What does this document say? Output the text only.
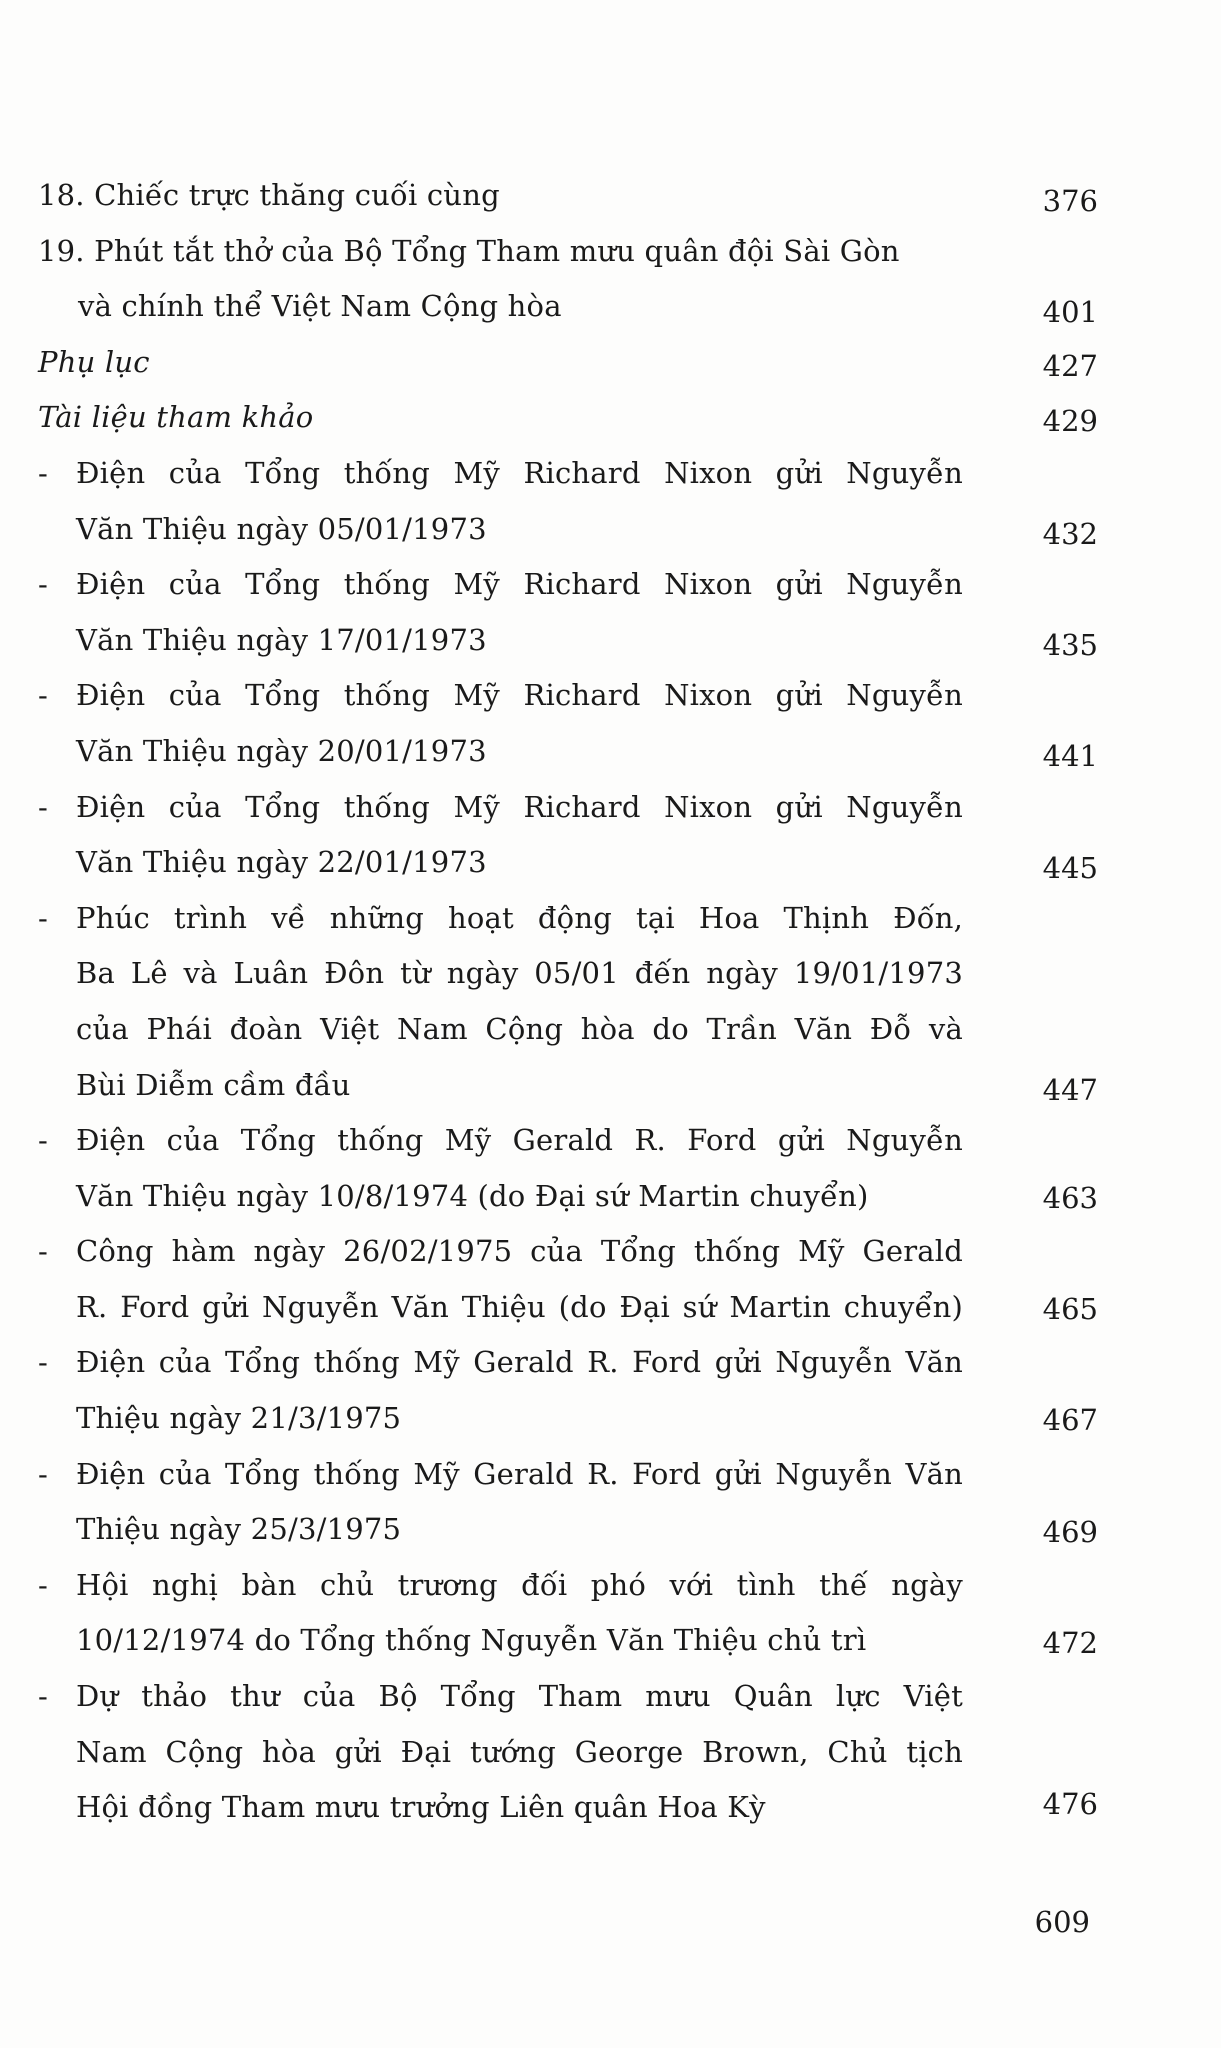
18. Chiếc trực thăng cuối cùng	376
19. Phút tắt thở của Bộ Tổng Tham mưu quân đội Sài Gòn
và chính thể Việt Nam Cộng hòa	401
Phụ lục	427
Tài liệu tham khảo	429
- Điện của Tổng thống Mỹ Richard Nixon gửi Nguyễn
Văn Thiệu ngày 05/01/1973	432
- Điện của Tổng thống Mỹ Richard Nixon gửi Nguyễn
Văn Thiệu ngày 17/01/1973	435
- Điện của Tổng thống Mỹ Richard Nixon gửi Nguyễn
Văn Thiệu ngày 20/01/1973	441
- Điện của Tổng thống Mỹ Richard Nixon gửi Nguyễn
Văn Thiệu ngày 22/01/1973	445
- Phúc trình về những hoạt động tại Hoa Thịnh Đốn,
Ba Lê và Luân Đôn từ ngày 05/01 đến ngày 19/01/1973
của Phái đoàn Việt Nam Cộng hòa do Trần Văn Đỗ và
Bùi Diễm cầm đầu	447
- Điện của Tổng thống Mỹ Gerald R. Ford gửi Nguyễn
Văn Thiệu ngày 10/8/1974 (do Đại sứ Martin chuyển)	463
- Công hàm ngày 26/02/1975 của Tổng thống Mỹ Gerald
R. Ford gửi Nguyễn Văn Thiệu (do Đại sứ Martin chuyển)	465
- Điện của Tổng thống Mỹ Gerald R. Ford gửi Nguyễn Văn
Thiệu ngày 21/3/1975	467
- Điện của Tổng thống Mỹ Gerald R. Ford gửi Nguyễn Văn
Thiệu ngày 25/3/1975	469
- Hội nghị bàn chủ trương đối phó với tình thế ngày
10/12/1974 do Tổng thống Nguyễn Văn Thiệu chủ trì	472
- Dự thảo thư của Bộ Tổng Tham mưu Quân lực Việt
Nam Cộng hòa gửi Đại tướng George Brown, Chủ tịch
Hội đồng Tham mưu trưởng Liên quân Hoa Kỳ	476
609
